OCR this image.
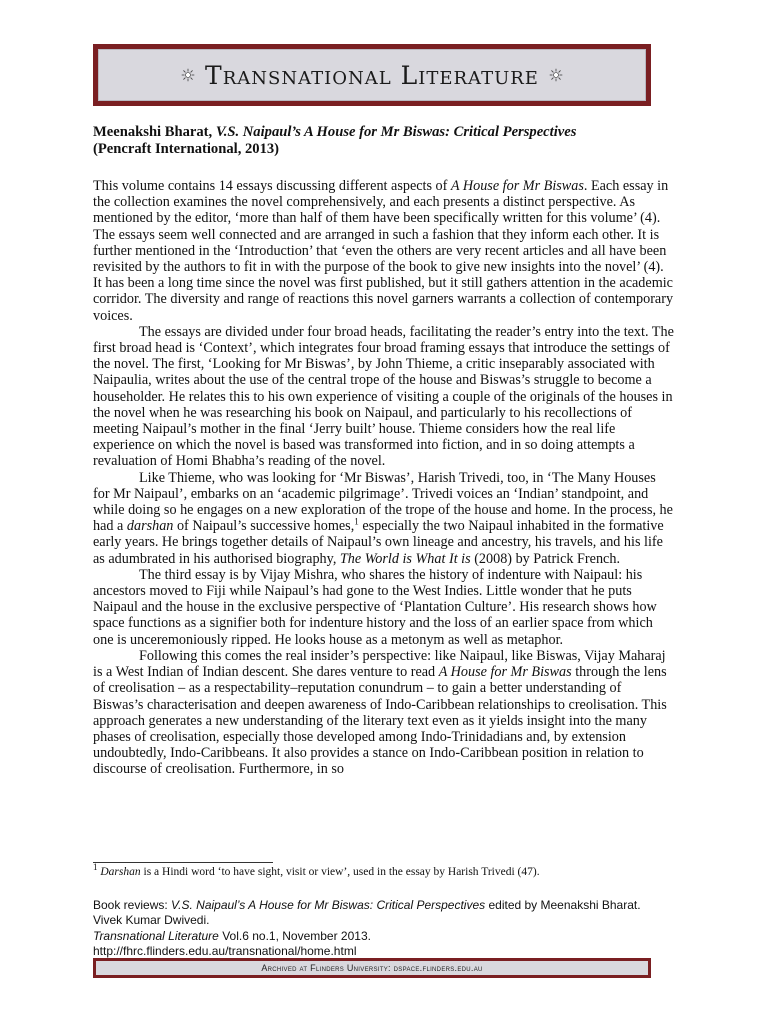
Transnational Literature
Meenakshi Bharat, V.S. Naipaul’s A House for Mr Biswas: Critical Perspectives
(Pencraft International, 2013)

This volume contains 14 essays discussing different aspects of A House for Mr Biswas. Each essay in the collection examines the novel comprehensively, and each presents a distinct perspective. As mentioned by the editor, ‘more than half of them have been specifically written for this volume’ (4). The essays seem well connected and are arranged in such a fashion that they inform each other. It is further mentioned in the ‘Introduction’ that ‘even the others are very recent articles and all have been revisited by the authors to fit in with the purpose of the book to give new insights into the novel’ (4). It has been a long time since the novel was first published, but it still gathers attention in the academic corridor. The diversity and range of reactions this novel garners warrants a collection of contemporary voices.

The essays are divided under four broad heads, facilitating the reader’s entry into the text. The first broad head is ‘Context’, which integrates four broad framing essays that introduce the settings of the novel. The first, ‘Looking for Mr Biswas’, by John Thieme, a critic inseparably associated with Naipaulia, writes about the use of the central trope of the house and Biswas’s struggle to become a householder. He relates this to his own experience of visiting a couple of the originals of the houses in the novel when he was researching his book on Naipaul, and particularly to his recollections of meeting Naipaul’s mother in the final ‘Jerry built’ house. Thieme considers how the real life experience on which the novel is based was transformed into fiction, and in so doing attempts a revaluation of Homi Bhabha’s reading of the novel.

Like Thieme, who was looking for ‘Mr Biswas’, Harish Trivedi, too, in ‘The Many Houses for Mr Naipaul’, embarks on an ‘academic pilgrimage’. Trivedi voices an ‘Indian’ standpoint, and while doing so he engages on a new exploration of the trope of the house and home. In the process, he had a darshan of Naipaul’s successive homes,$^1$ especially the two Naipaul inhabited in the formative early years. He brings together details of Naipaul’s own lineage and ancestry, his travels, and his life as adumbrated in his authorised biography, The World is What It is (2008) by Patrick French.

The third essay is by Vijay Mishra, who shares the history of indenture with Naipaul: his ancestors moved to Fiji while Naipaul’s had gone to the West Indies. Little wonder that he puts Naipaul and the house in the exclusive perspective of ‘Plantation Culture’. His research shows how space functions as a signifier both for indenture history and the loss of an earlier space from which one is unceremoniously ripped. He looks house as a metonym as well as metaphor.

Following this comes the real insider’s perspective: like Naipaul, like Biswas, Vijay Maharaj is a West Indian of Indian descent. She dares venture to read A House for Mr Biswas through the lens of creolisation – as a respectability–reputation conundrum – to gain a better understanding of Biswas’s characterisation and deepen awareness of Indo-Caribbean relationships to creolisation. This approach generates a new understanding of the literary text even as it yields insight into the many phases of creolisation, especially those developed among Indo-Trinidadians and, by extension undoubtedly, Indo-Caribbeans. It also provides a stance on Indo-Caribbean position in relation to discourse of creolisation. Furthermore, in so

$^1$ Darshan is a Hindi word ‘to have sight, visit or view’, used in the essay by Harish Trivedi (47).
Book reviews: V.S. Naipaul’s A House for Mr Biswas: Critical Perspectives edited by Meenakshi Bharat.
Vivek Kumar Dwivedi.
Transnational Literature Vol.6 no.1, November 2013.
http://fhrc.flinders.edu.au/transnational/home.html
Archived at Flinders University: dspace.flinders.edu.au
